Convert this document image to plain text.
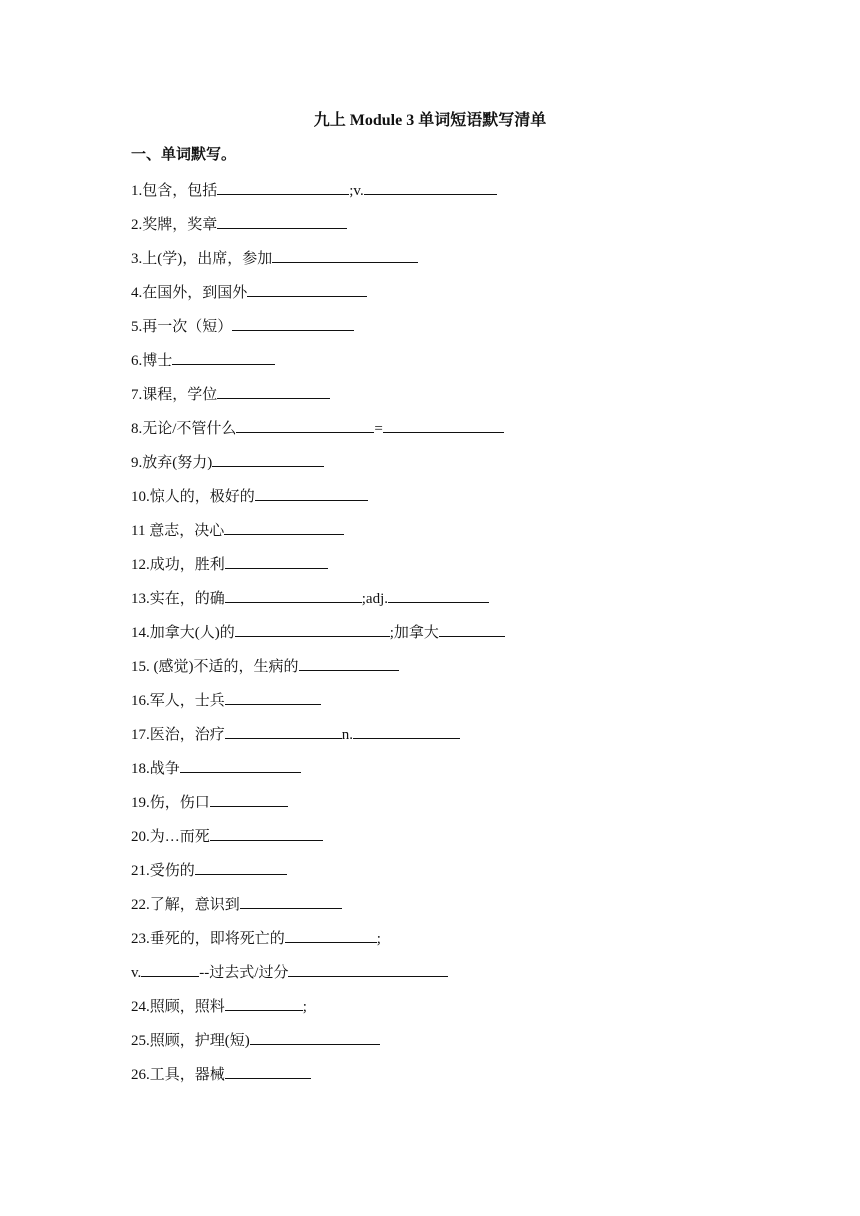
九上 Module 3 单词短语默写清单
一、单词默写。
1.包含，包括	;v.
2.奖牌，奖章
3.上(学)，出席，参加
4.在国外，到国外
5.再一次（短）
6.博士
7.课程，学位
8.无论/不管什么	=
9.放弃(努力)
10.惊人的，极好的
11 意志，决心
12.成功，胜利
13.实在，的确	;adj.
14.加拿大(人)的	;加拿大
15. (感觉)不适的，生病的
16.军人，士兵
17.医治，治疗	n.
18.战争
19.伤，伤口
20.为…而死
21.受伤的
22.了解，意识到
23.垂死的，即将死亡的	;
v.	--过去式/过分
24.照顾，照料	;
25.照顾，护理(短)
26.工具，器械
